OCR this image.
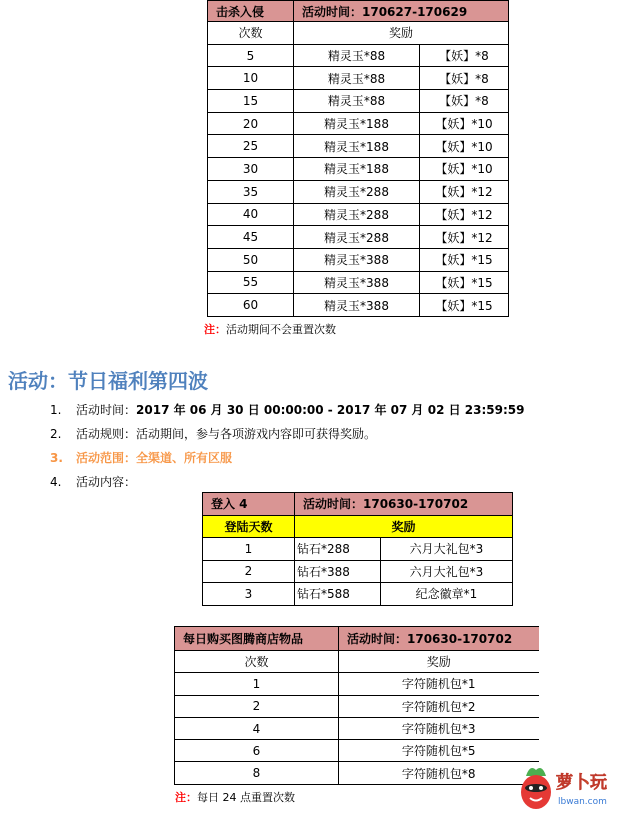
击杀入侵	活动时间：170627-170629	
次数	奖励	
5	精灵玉*88	【妖】*8
10	精灵玉*88	【妖】*8
15	精灵玉*88	【妖】*8
20	精灵玉*188	【妖】*10
25	精灵玉*188	【妖】*10
30	精灵玉*188	【妖】*10
35	精灵玉*288	【妖】*12
40	精灵玉*288	【妖】*12
45	精灵玉*288	【妖】*12
50	精灵玉*388	【妖】*15
55	精灵玉*388	【妖】*15
60	精灵玉*388	【妖】*15
注：活动期间不会重置次数
活动：节日福利第四波
1. 活动时间：2017 年 06 月 30 日 00:00:00 - 2017 年 07 月 02 日 23:59:59
2. 活动规则：活动期间，参与各项游戏内容即可获得奖励。
3. 活动范围：全渠道、所有区服
4. 活动内容：
登入 4	活动时间：170630-170702	
登陆天数	奖励	
1	钻石*288	六月大礼包*3
2	钻石*388	六月大礼包*3
3	钻石*588	纪念徽章*1
每日购买图腾商店物品	活动时间：170630-170702
次数	奖励
1	字符随机包*1
2	字符随机包*2
4	字符随机包*3
6	字符随机包*5
8	字符随机包*8
注：每日 24 点重置次数
萝卜玩
lbwan.com
